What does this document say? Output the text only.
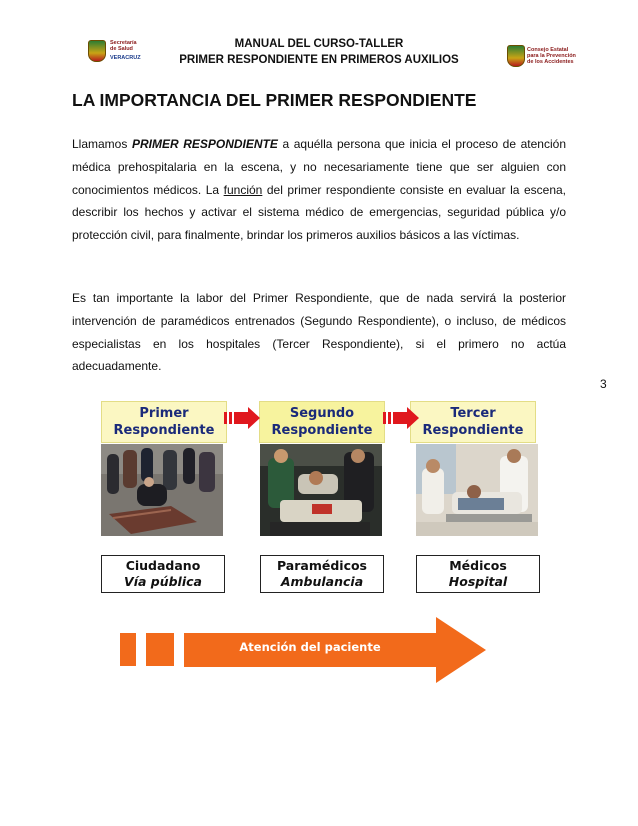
Secretaría
de Salud
VERACRUZ
MANUAL DEL CURSO-TALLER
PRIMER RESPONDIENTE EN PRIMEROS AUXILIOS
Consejo Estatal
para la Prevención
de los Accidentes
LA IMPORTANCIA DEL PRIMER RESPONDIENTE

Llamamos PRIMER RESPONDIENTE a aquélla persona que inicia el proceso de atención médica prehospitalaria en la escena, y no necesariamente tiene que ser alguien con conocimientos médicos. La función del primer respondiente consiste en evaluar la escena, describir los hechos y activar el sistema médico de emergencias, seguridad pública y/o protección civil, para finalmente, brindar los primeros auxilios básicos a las víctimas.

Es tan importante la labor del Primer Respondiente, que de nada servirá la posterior intervención de paramédicos entrenados (Segundo Respondiente), o incluso, de médicos especialistas en los hospitales (Tercer Respondiente), si el primero no actúa adecuadamente.

3
Primer
Respondiente
Segundo
Respondiente
Tercer
Respondiente
Ciudadano
Vía pública
Paramédicos
Ambulancia
Médicos
Hospital
Atención del paciente
